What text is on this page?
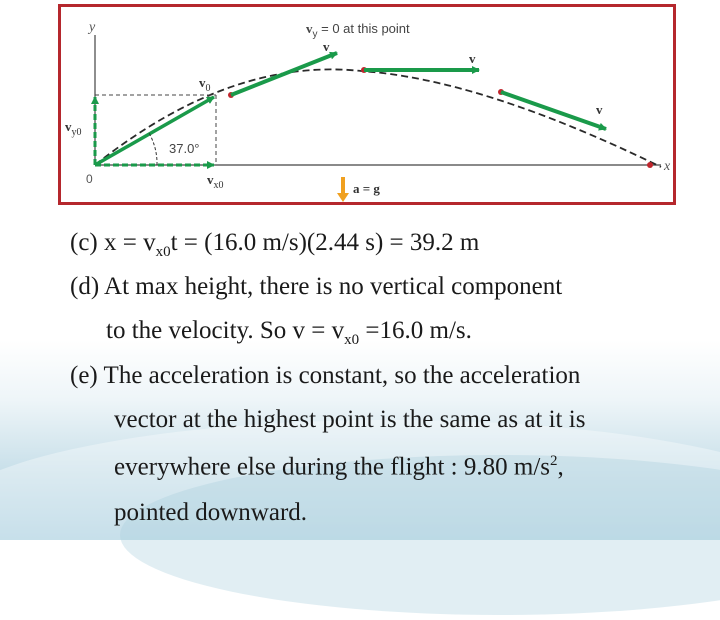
y
x
0
37.0°
$v_y = 0$ at this point
v
v
v
$v_0$
$v_{y0}$
$v_{x0}$	a = g
(c) $x = v_{x0}t = (16.0$ m/s)(2.44 s) = 39.2 m
(d) At max height, there is no vertical component
to the velocity. So $v = v_{x0} =16.0$ m/s.
(e) The acceleration is constant, so the acceleration
vector at the highest point is the same as at it is
everywhere else during the flight : 9.80 $m/s^2$,
pointed downward.
